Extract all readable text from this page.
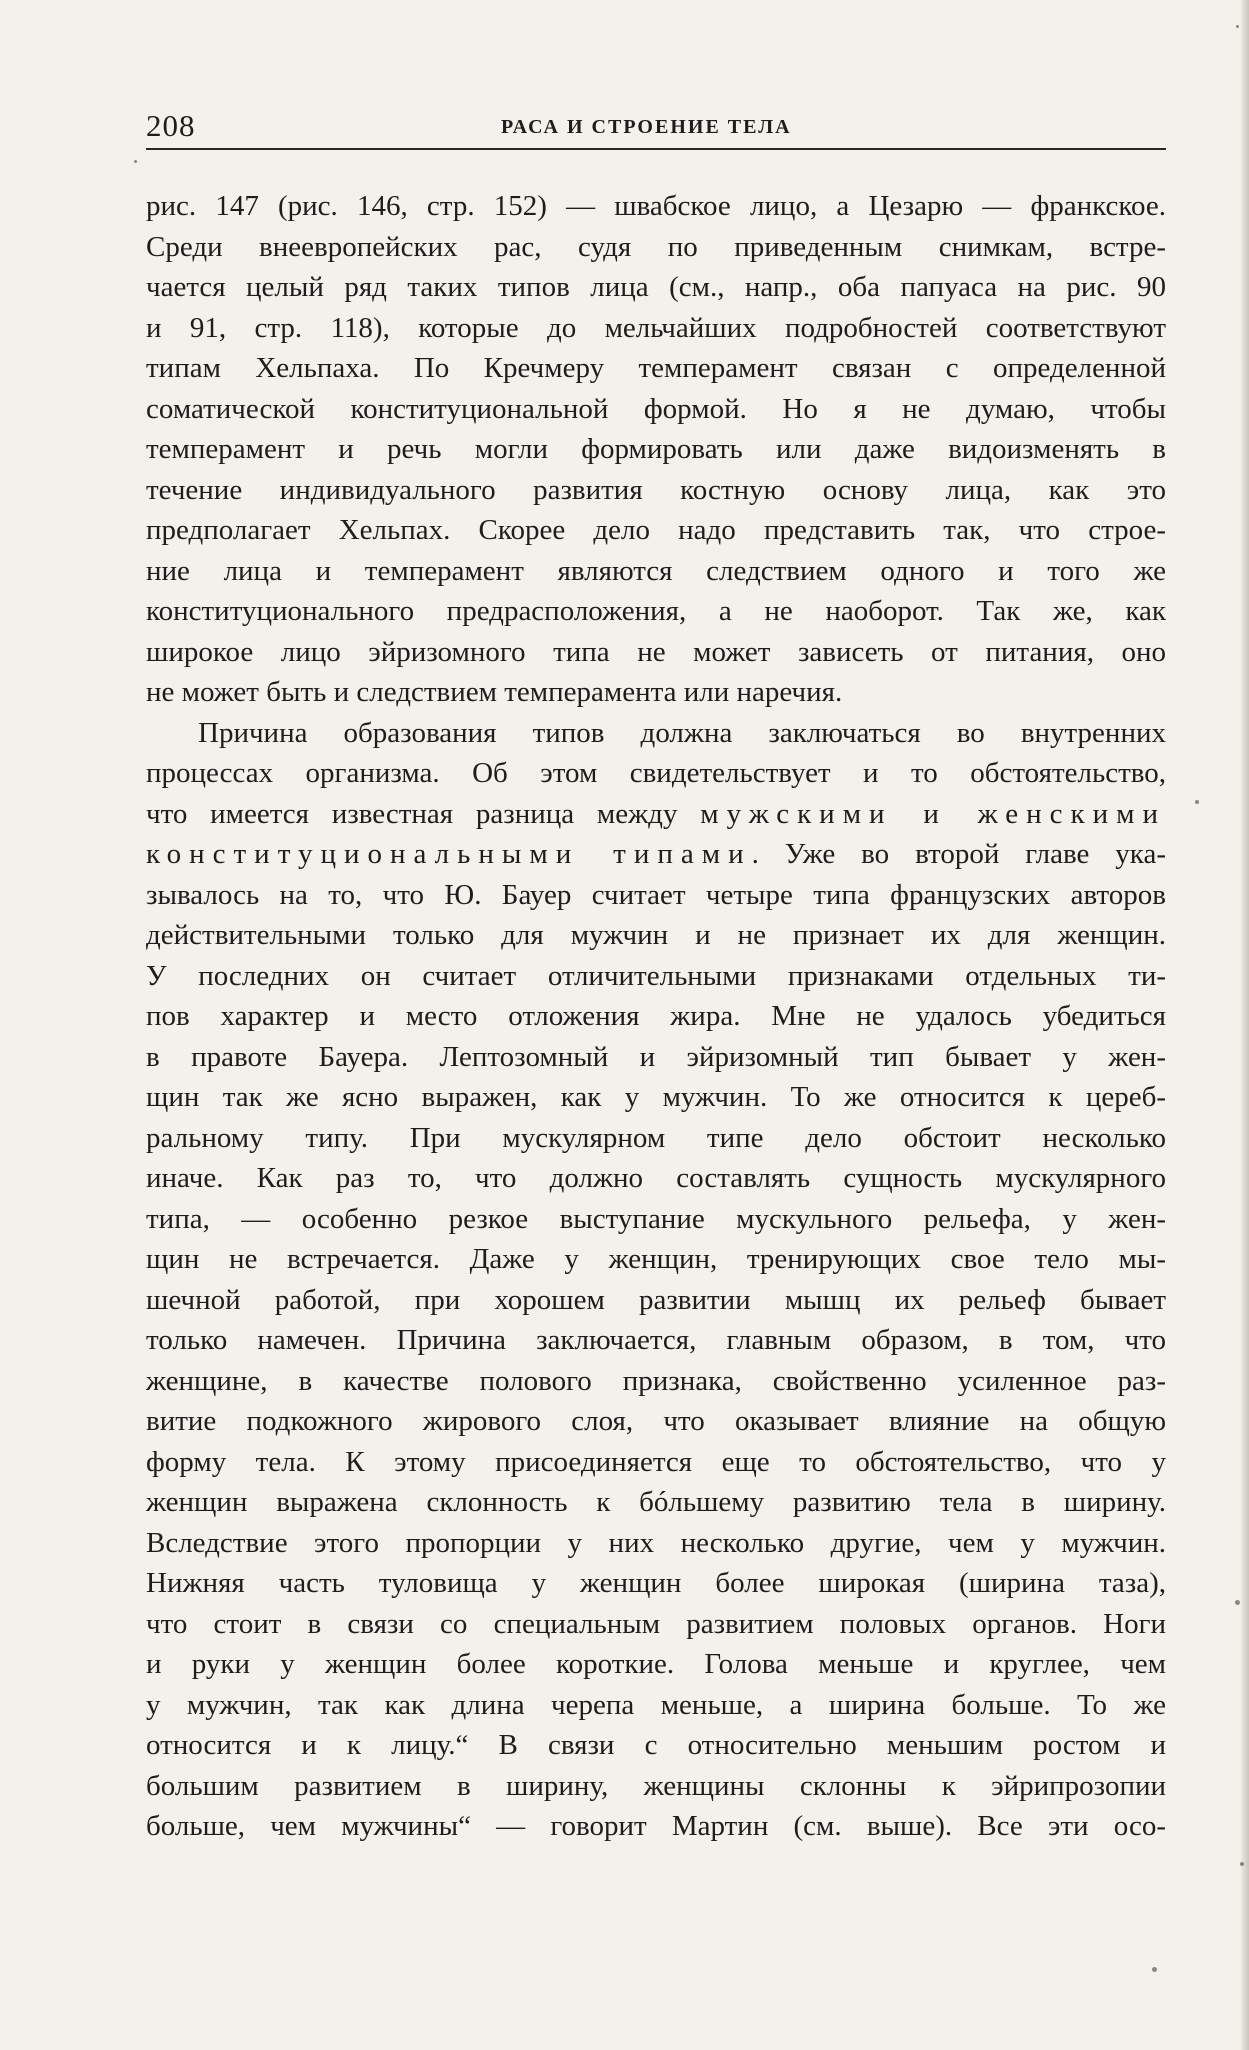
208	РАСА И СТРОЕНИЕ ТЕЛА
рис. 147 (рис. 146, стр. 152) — швабское лицо, а Цезарю — франкское.
Среди внеевропейских рас, судя по приведенным снимкам, встре-
чается целый ряд таких типов лица (см., напр., оба папуаса на рис. 90
и 91, стр. 118), которые до мельчайших подробностей соответствуют
типам Хельпаха. По Кречмеру темперамент связан с определенной
соматической конституциональной формой. Но я не думаю, чтобы
темперамент и речь могли формировать или даже видоизменять в
течение индивидуального развития костную основу лица, как это
предполагает Хельпах. Скорее дело надо представить так, что строе-
ние лица и темперамент являются следствием одного и того же
конституционального предрасположения, а не наоборот. Так же, как
широкое лицо эйризомного типа не может зависеть от питания, оно
не может быть и следствием темперамента или наречия.
Причина образования типов должна заключаться во внутренних
процессах организма. Об этом свидетельствует и то обстоятельство,
что имеется известная разница между мужскими и женскими
конституциональными типами. Уже во второй главе ука-
зывалось на то, что Ю. Бауер считает четыре типа французских авторов
действительными только для мужчин и не признает их для женщин.
У последних он считает отличительными признаками отдельных ти-
пов характер и место отложения жира. Мне не удалось убедиться
в правоте Бауера. Лептозомный и эйризомный тип бывает у жен-
щин так же ясно выражен, как у мужчин. То же относится к цереб-
ральному типу. При мускулярном типе дело обстоит несколько
иначе. Как раз то, что должно составлять сущность мускулярного
типа, — особенно резкое выступание мускульного рельефа, у жен-
щин не встречается. Даже у женщин, тренирующих свое тело мы-
шечной работой, при хорошем развитии мышц их рельеф бывает
только намечен. Причина заключается, главным образом, в том, что
женщине, в качестве полового признака, свойственно усиленное раз-
витие подкожного жирового слоя, что оказывает влияние на общую
форму тела. К этому присоединяется еще то обстоятельство, что у
женщин выражена склонность к бóльшему развитию тела в ширину.
Вследствие этого пропорции у них несколько другие, чем у мужчин.
Нижняя часть туловища у женщин более широкая (ширина таза),
что стоит в связи со специальным развитием половых органов. Ноги
и руки у женщин более короткие. Голова меньше и круглее, чем
у мужчин, так как длина черепа меньше, а ширина больше. То же
относится и к лицу.“ В связи с относительно меньшим ростом и
большим развитием в ширину, женщины склонны к эйрипрозопии
больше, чем мужчины“ — говорит Мартин (см. выше). Все эти осо-
